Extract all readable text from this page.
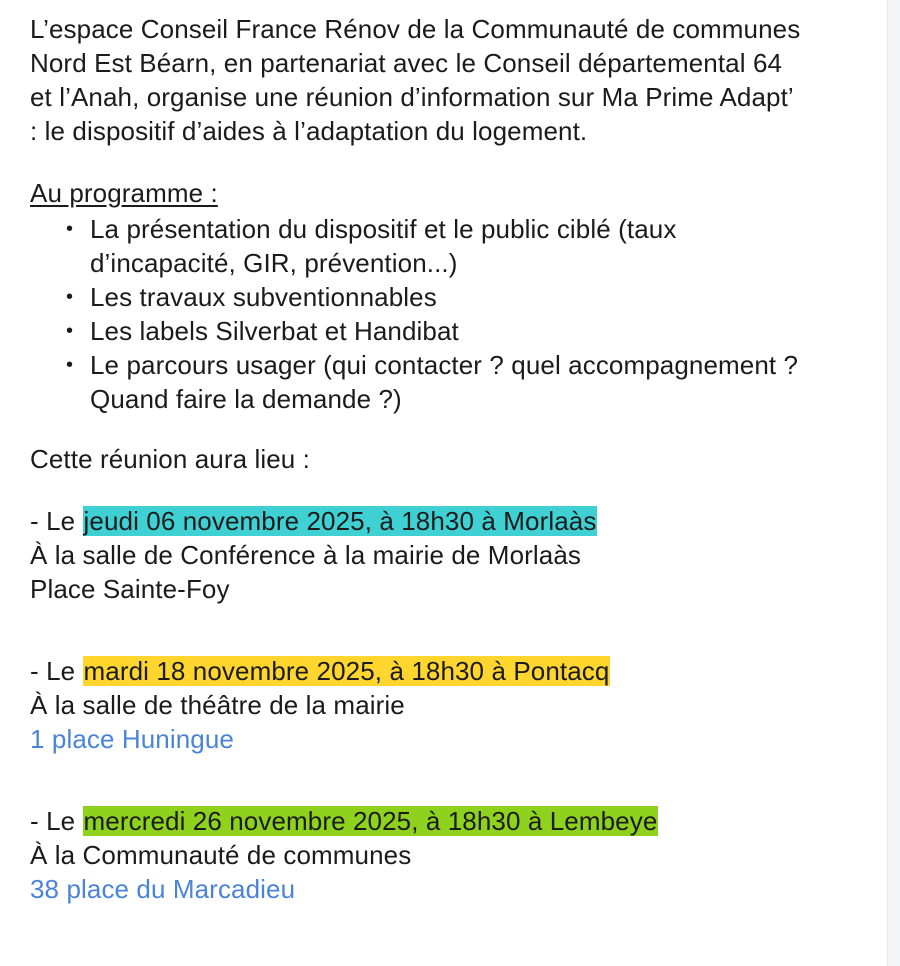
L’espace Conseil France Rénov de la Communauté de communes

Nord Est Béarn, en partenariat avec le Conseil départemental 64

et l’Anah, organise une réunion d’information sur Ma Prime Adapt’

: le dispositif d’aides à l’adaptation du logement.

Au programme :

• La présentation du dispositif et le public ciblé (taux

d’incapacité, GIR, prévention...)

• Les travaux subventionnables

• Les labels Silverbat et Handibat

• Le parcours usager (qui contacter ? quel accompagnement ?

Quand faire la demande ?)

Cette réunion aura lieu :

- Le jeudi 06 novembre 2025, à 18h30 à Morlaàs

À la salle de Conférence à la mairie de Morlaàs

Place Sainte-Foy

- Le mardi 18 novembre 2025, à 18h30 à Pontacq

À la salle de théâtre de la mairie

1 place Huningue

- Le mercredi 26 novembre 2025, à 18h30 à Lembeye

À la Communauté de communes

38 place du Marcadieu
